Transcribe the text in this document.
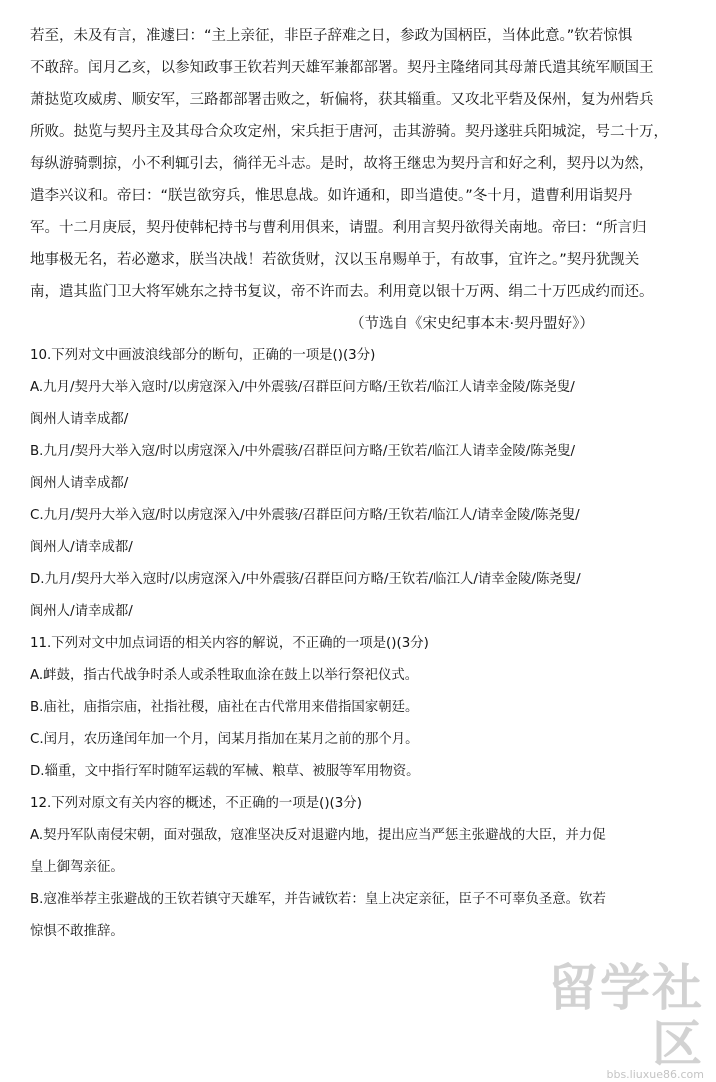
若至，未及有言，准遽曰：“主上亲征，非臣子辞难之日，参政为国柄臣，当体此意。”钦若惊惧
不敢辞。闰月乙亥，以参知政事王钦若判天雄军兼都部署。契丹主隆绪同其母萧氏遣其统军顺国王
萧挞览攻威虏、顺安军，三路都部署击败之，斩偏将，获其辎重。又攻北平砦及保州，复为州砦兵
所败。挞览与契丹主及其母合众攻定州，宋兵拒于唐河，击其游骑。契丹遂驻兵阳城淀，号二十万，
每纵游骑剽掠，小不利辄引去，徜徉无斗志。是时，故将王继忠为契丹言和好之利，契丹以为然，
遣李兴议和。帝曰：“朕岂欲穷兵，惟思息战。如许通和，即当遣使。”冬十月，遣曹利用诣契丹
军。十二月庚辰，契丹使韩杞持书与曹利用俱来，请盟。利用言契丹欲得关南地。帝曰：“所言归
地事极无名，若必邀求，朕当决战！若欲货财，汉以玉帛赐单于，有故事，宜许之。”契丹犹觊关
南，遣其监门卫大将军姚东之持书复议，帝不许而去。利用竟以银十万两、绢二十万匹成约而还。
（节选自《宋史纪事本末·契丹盟好》）
10.下列对文中画波浪线部分的断句，正确的一项是()(3分)
A.九月/契丹大举入寇时/以虏寇深入/中外震骇/召群臣问方略/王钦若/临江人请幸金陵/陈尧叟/
阆州人请幸成都/
B.九月/契丹大举入寇/时以虏寇深入/中外震骇/召群臣问方略/王钦若/临江人请幸金陵/陈尧叟/
阆州人请幸成都/
C.九月/契丹大举入寇/时以虏寇深入/中外震骇/召群臣问方略/王钦若/临江人/请幸金陵/陈尧叟/
阆州人/请幸成都/
D.九月/契丹大举入寇时/以虏寇深入/中外震骇/召群臣问方略/王钦若/临江人/请幸金陵/陈尧叟/
阆州人/请幸成都/
11.下列对文中加点词语的相关内容的解说，不正确的一项是()(3分)
A.衅鼓，指古代战争时杀人或杀牲取血涂在鼓上以举行祭祀仪式。
B.庙社，庙指宗庙，社指社稷，庙社在古代常用来借指国家朝廷。
C.闰月，农历逢闰年加一个月，闰某月指加在某月之前的那个月。
D.辎重，文中指行军时随军运载的军械、粮草、被服等军用物资。
12.下列对原文有关内容的概述，不正确的一项是()(3分)
A.契丹军队南侵宋朝，面对强敌，寇准坚决反对退避内地，提出应当严惩主张避战的大臣，并力促
皇上御驾亲征。
B.寇准举荐主张避战的王钦若镇守天雄军，并告诫钦若：皇上决定亲征，臣子不可辜负圣意。钦若
惊惧不敢推辞。
留学社区
bbs.liuxue86.com
